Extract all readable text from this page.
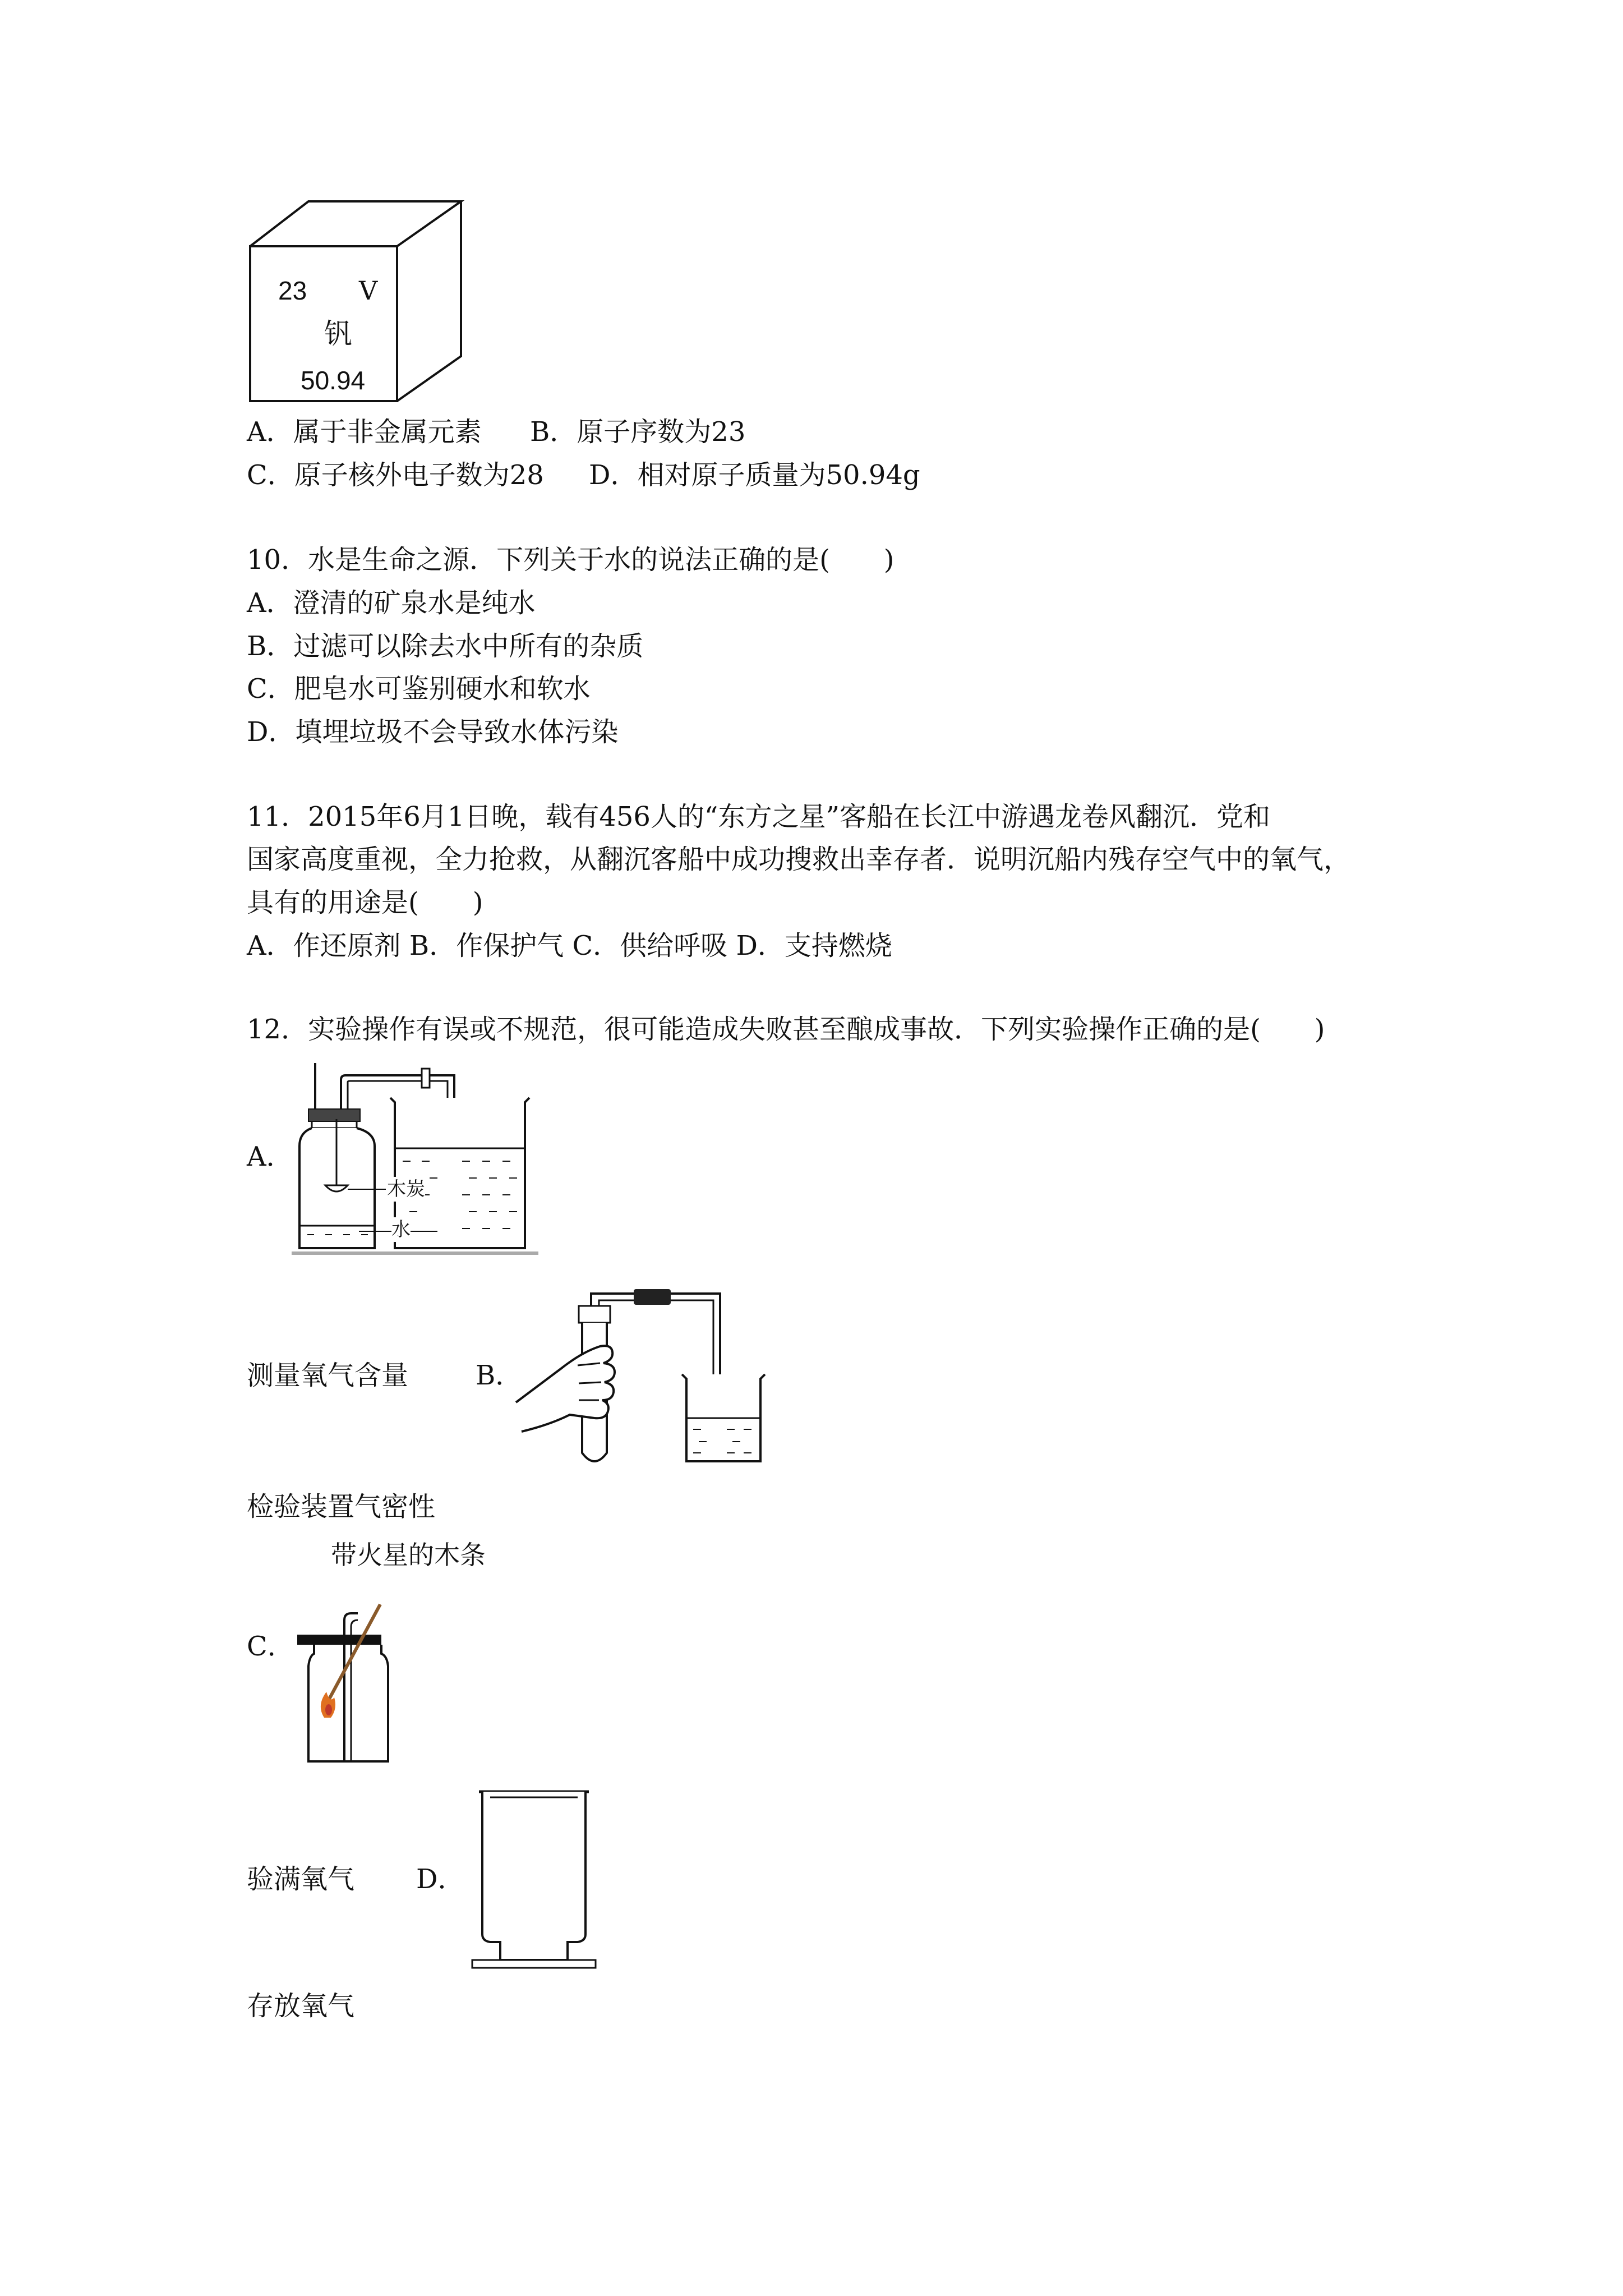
23 V
钒
50.94
A．属于非金属元素 B．原子序数为23
C．原子核外电子数为28 D．相对原子质量为50.94g
10．水是生命之源．下列关于水的说法正确的是(　　)
A．澄清的矿泉水是纯水
B．过滤可以除去水中所有的杂质
C．肥皂水可鉴别硬水和软水
D．填埋垃圾不会导致水体污染
11．2015年6月1日晚，载有456人的“东方之星”客船在长江中游遇龙卷风翻沉．党和
国家高度重视，全力抢救，从翻沉客船中成功搜救出幸存者．说明沉船内残存空气中的氧气，
具有的用途是(　　)
A．作还原剂 B．作保护气 C．供给呼吸 D．支持燃烧
12．实验操作有误或不规范，很可能造成失败甚至酿成事故．下列实验操作正确的是(　　)
A．
木炭
水
测量氧气含量 B．
检验装置气密性
带火星的木条
C．
验满氧气 D．
存放氧气
